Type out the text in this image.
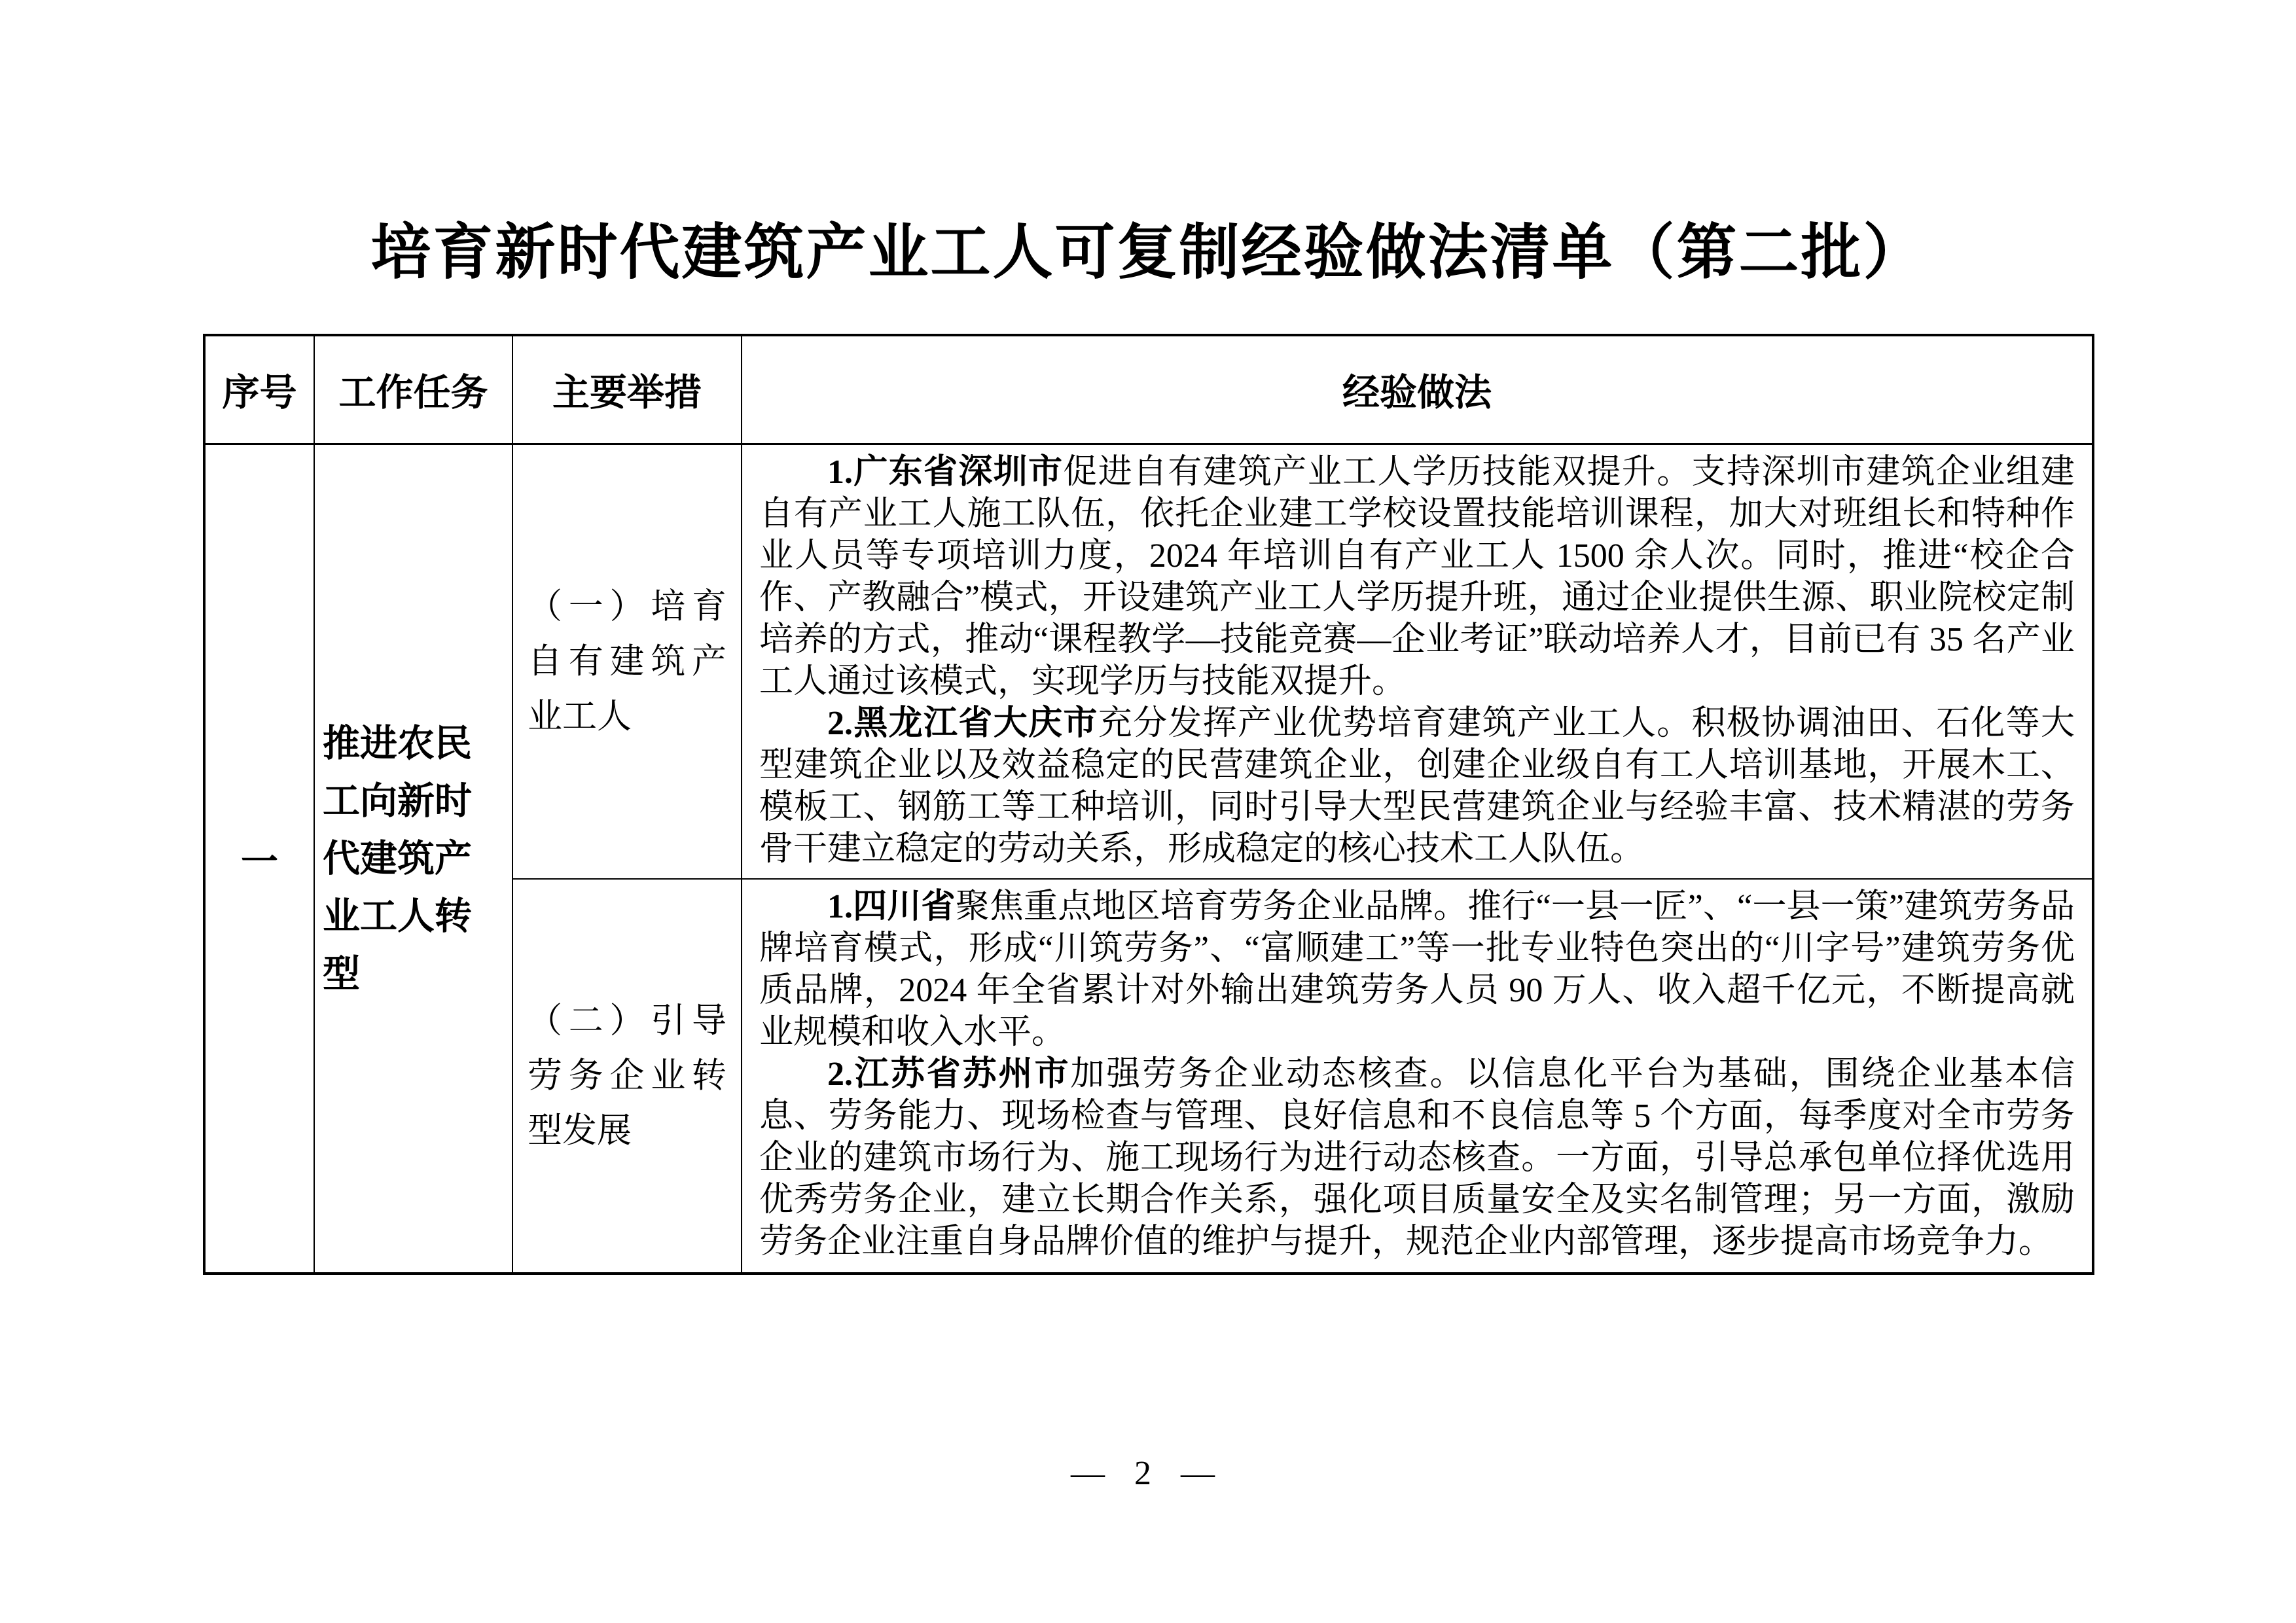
培育新时代建筑产业工人可复制经验做法清单（第二批）
序号	工作任务	主要举措	经验做法
一	推进农民工向新时代建筑产业工人转型	（一）培育自有建筑产业工人	1.广东省深圳市促进自有建筑产业工人学历技能双提升。支持深圳市建筑企业组建自有产业工人施工队伍，依托企业建工学校设置技能培训课程，加大对班组长和特种作业人员等专项培训力度，2024 年培训自有产业工人 1500 余人次。同时，推进“校企合作、产教融合”模式，开设建筑产业工人学历提升班，通过企业提供生源、职业院校定制培养的方式，推动“课程教学—技能竞赛—企业考证”联动培养人才，目前已有 35 名产业工人通过该模式，实现学历与技能双提升。

2.黑龙江省大庆市充分发挥产业优势培育建筑产业工人。积极协调油田、石化等大型建筑企业以及效益稳定的民营建筑企业，创建企业级自有工人培训基地，开展木工、模板工、钢筋工等工种培训，同时引导大型民营建筑企业与经验丰富、技术精湛的劳务骨干建立稳定的劳动关系，形成稳定的核心技术工人队伍。

		（二）引导劳务企业转型发展	1.四川省聚焦重点地区培育劳务企业品牌。推行“一县一匠”、“一县一策”建筑劳务品牌培育模式，形成“川筑劳务”、“富顺建工”等一批专业特色突出的“川字号”建筑劳务优质品牌，2024 年全省累计对外输出建筑劳务人员 90 万人、收入超千亿元，不断提高就业规模和收入水平。

2.江苏省苏州市加强劳务企业动态核查。以信息化平台为基础，围绕企业基本信息、劳务能力、现场检查与管理、良好信息和不良信息等 5 个方面，每季度对全市劳务企业的建筑市场行为、施工现场行为进行动态核查。一方面，引导总承包单位择优选用优秀劳务企业，建立长期合作关系，强化项目质量安全及实名制管理；另一方面，激励劳务企业注重自身品牌价值的维护与提升，规范企业内部管理，逐步提高市场竞争力。

— 2 —
